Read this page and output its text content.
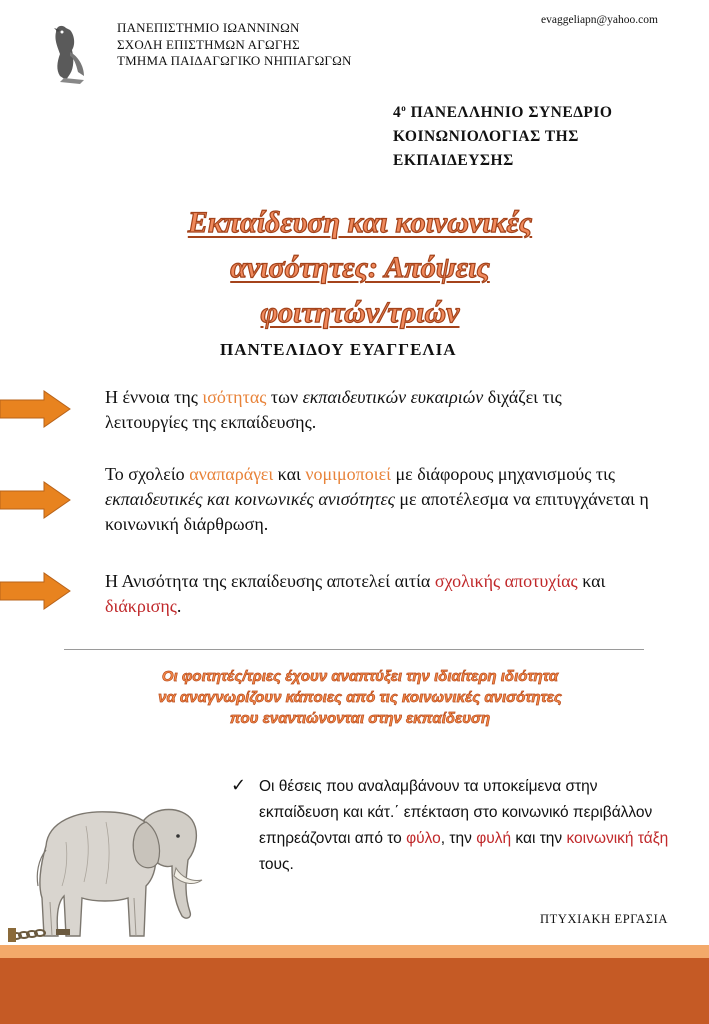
ΠΑΝΕΠΙΣΤΗΜΙΟ ΙΩΑΝΝΙΝΩΝ
ΣΧΟΛΗ ΕΠΙΣΤΗΜΩΝ ΑΓΩΓΗΣ
ΤΜΗΜΑ ΠΑΙΔΑΓΩΓΙΚΟ ΝΗΠΙΑΓΩΓΩΝ
evaggeliapn@yahoo.com
$4^o$ ΠΑΝΕΛΛΗΝΙΟ ΣΥΝΕΔΡΙΟ
ΚΟΙΝΩΝΙΟΛΟΓΙΑΣ ΤΗΣ
ΕΚΠΑΙΔΕΥΣΗΣ
Εκπαίδευση και κοινωνικές
ανισότητες: Απόψεις
φοιτητών/τριών
ΠΑΝΤΕΛΙΔΟΥ ΕΥΑΓΓΕΛΙΑ
Η έννοια της ισότητας των εκπαιδευτικών ευκαιριών διχάζει τις λειτουργίες της εκπαίδευσης.
Το σχολείο αναπαράγει και νομιμοποιεί με διάφορους μηχανισμούς τις εκπαιδευτικές και κοινωνικές ανισότητες με αποτέλεσμα να επιτυγχάνεται η κοινωνική διάρθρωση.
Η Ανισότητα της εκπαίδευσης αποτελεί αιτία σχολικής αποτυχίας και διάκρισης.
Οι φοιτητές/τριες έχουν αναπτύξει την ιδιαίτερη ιδιότητα
να αναγνωρίζουν κάποιες από τις κοινωνικές ανισότητες
που εναντιώνονται στην εκπαίδευση
✓ Οι θέσεις που αναλαμβάνουν τα υποκείμενα στην εκπαίδευση και κάτ.΄ επέκταση στο κοινωνικό περιβάλλον επηρεάζονται από το φύλο, την φυλή και την κοινωνική τάξη τους.
ΠΤΥΧΙΑΚΗ ΕΡΓΑΣΙΑ
